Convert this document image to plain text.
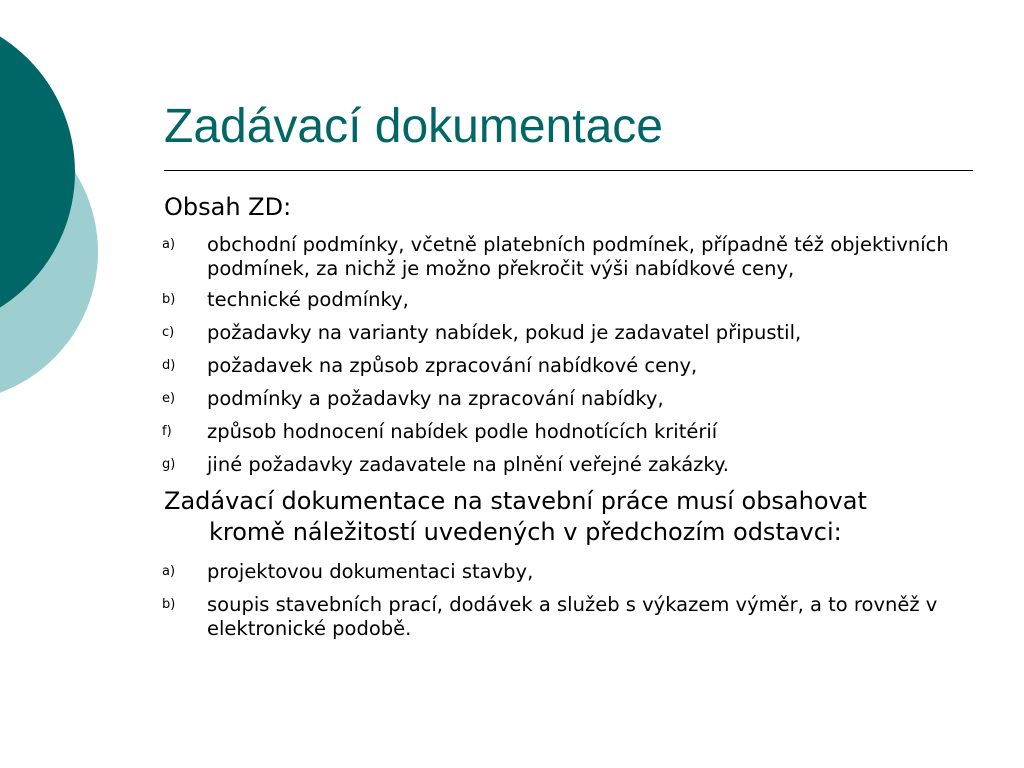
Zadávací dokumentace

Obsah ZD:

a)	obchodní podmínky, včetně platebních podmínek, případně též objektivních podmínek, za nichž je možno překročit výši nabídkové ceny,
b)	technické podmínky,
c)	požadavky na varianty nabídek, pokud je zadavatel připustil,
d)	požadavek na způsob zpracování nabídkové ceny,
e)	podmínky a požadavky na zpracování nabídky,
f)	způsob hodnocení nabídek podle hodnotících kritérií
g)	jiné požadavky zadavatele na plnění veřejné zakázky.

Zadávací dokumentace na stavební práce musí obsahovat kromě náležitostí uvedených v předchozím odstavci:

a)	projektovou dokumentaci stavby,
b)	soupis stavebních prací, dodávek a služeb s výkazem výměr, a to rovněž v elektronické podobě.
